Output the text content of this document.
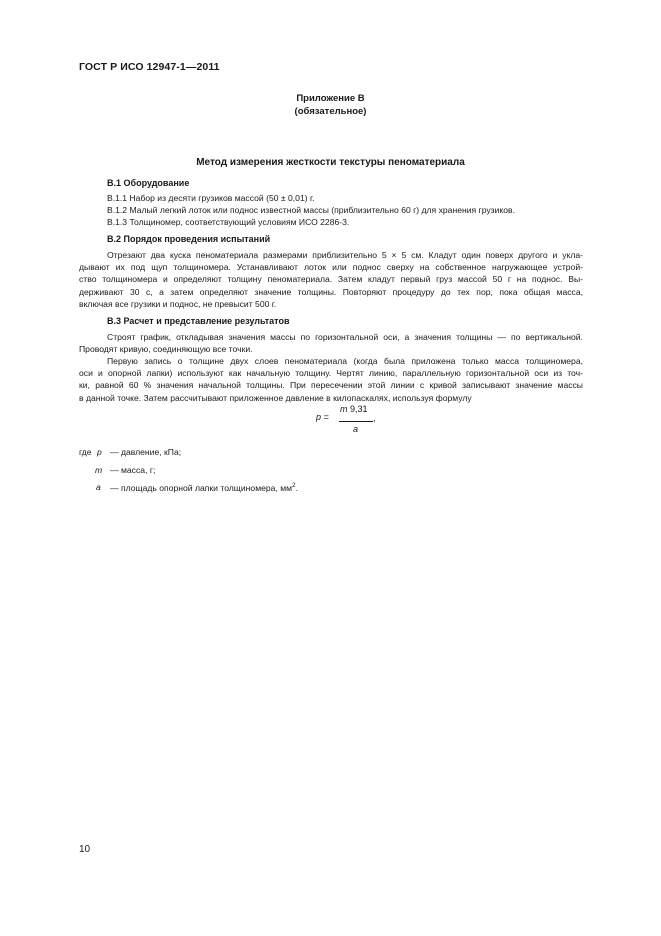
ГОСТ Р ИСО 12947-1—2011
Приложение В
(обязательное)
Метод измерения жесткости текстуры пеноматериала
В.1 Оборудование
В.1.1 Набор из десяти грузиков массой (50 ± 0,01) г.
В.1.2 Малый легкий лоток или поднос известной массы (приблизительно 60 г) для хранения грузиков.
В.1.3 Толщиномер, соответствующий условиям ИСО 2286-3.
В.2 Порядок проведения испытаний
Отрезают два куска пеноматериала размерами приблизительно 5 × 5 см. Кладут один поверх другого и укла-
дывают их под щуп толщиномера. Устанавливают лоток или поднос сверху на собственное нагружающее устрой-
ство толщиномера и определяют толщину пеноматериала. Затем кладут первый груз массой 50 г на поднос. Вы-
держивают 30 с, а затем определяют значение толщины. Повторяют процедуру до тех пор, пока общая масса,
включая все грузики и поднос, не превысит 500 г.
В.3 Расчет и представление результатов
Строят график, откладывая значения массы по горизонтальной оси, а значения толщины — по вертикальной.
Проводят кривую, соединяющую все точки.
Первую запись о толщине двух слоев пеноматериала (когда была приложена только масса толщиномера,
оси и опорной лапки) используют как начальную толщину. Чертят линию, параллельную горизонтальной оси из точ-
ки, равной 60 % значения начальной толщины. При пересечении этой линии с кривой записывают значение массы
в данной точке. Затем рассчитывают приложенное давление в килопаскалях, используя формулу
p =
m 9,31
,
a
где p — давление, кПа;
m — масса, г;
a — площадь опорной лапки толщиномера, $мм^2$.
10
